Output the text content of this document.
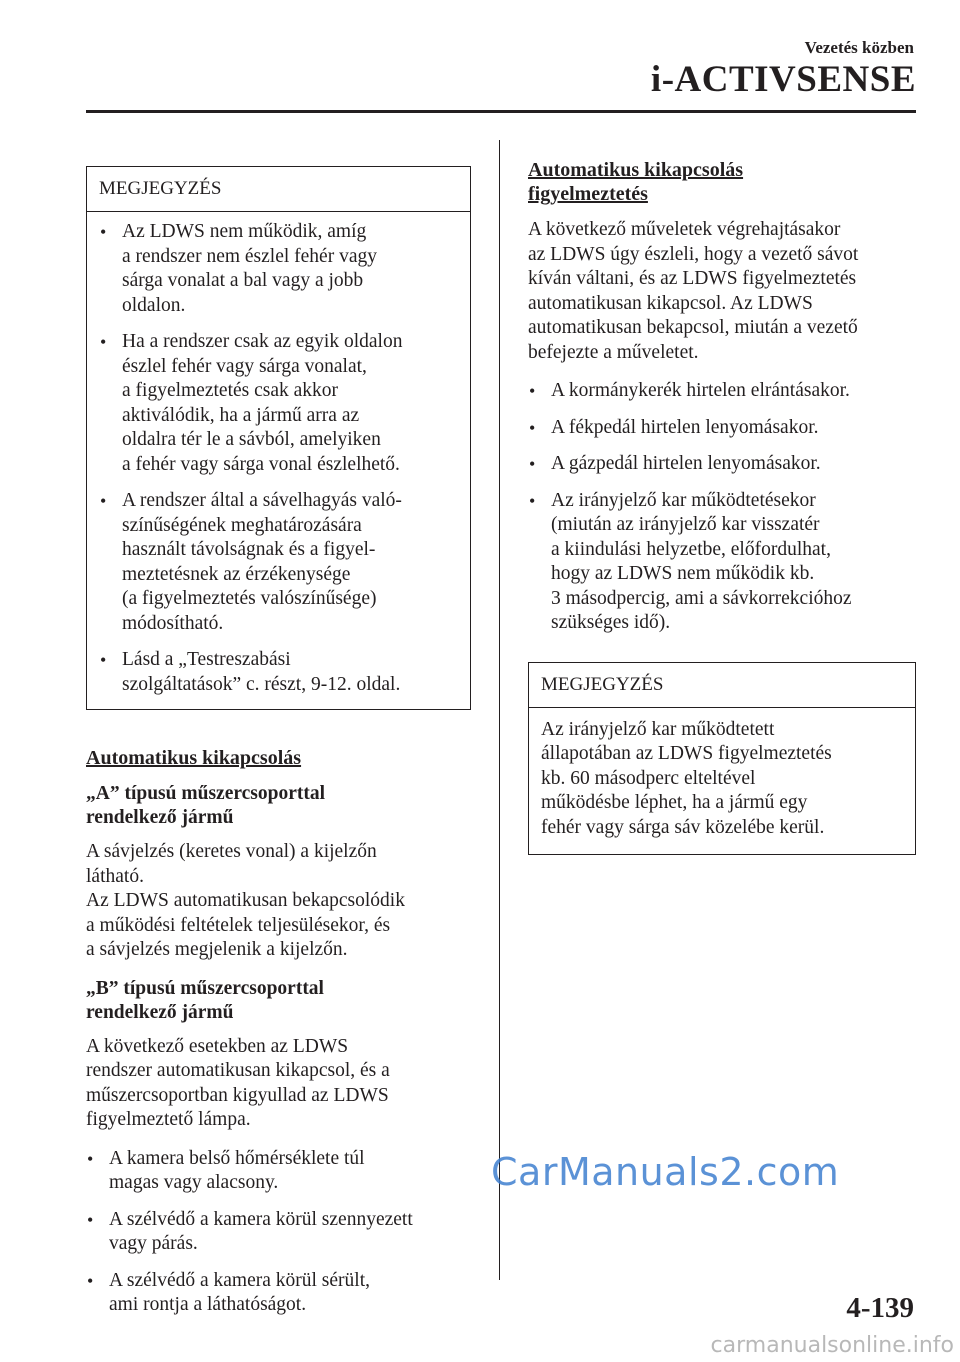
Vezetés közben

i-ACTIVSENSE

MEGJEGYZÉS
• Az LDWS nem működik, amíg
a rendszer nem észlel fehér vagy
sárga vonalat a bal vagy a jobb
oldalon.
• Ha a rendszer csak az egyik oldalon
észlel fehér vagy sárga vonalat,
a figyelmeztetés csak akkor
aktiválódik, ha a jármű arra az
oldalra tér le a sávból, amelyiken
a fehér vagy sárga vonal észlelhető.
• A rendszer által a sávelhagyás való-
színűségének meghatározására
használt távolságnak és a figyel-
meztetésnek az érzékenysége
(a figyelmeztetés valószínűsége)
módosítható.
• Lásd a „Testreszabási
szolgáltatások” c. részt, 9-12. oldal.

Automatikus kikapcsolás

„A” típusú műszercsoporttal
rendelkező jármű

A sávjelzés (keretes vonal) a kijelzőn
látható.
Az LDWS automatikusan bekapcsolódik
a működési feltételek teljesülésekor, és
a sávjelzés megjelenik a kijelzőn.

„B” típusú műszercsoporttal
rendelkező jármű

A következő esetekben az LDWS
rendszer automatikusan kikapcsol, és a
műszercsoportban kigyullad az LDWS
figyelmeztető lámpa.

• A kamera belső hőmérséklete túl
magas vagy alacsony.
• A szélvédő a kamera körül szennyezett
vagy párás.
• A szélvédő a kamera körül sérült,
ami rontja a láthatóságot.

Automatikus kikapcsolás
figyelmeztetés

A következő műveletek végrehajtásakor
az LDWS úgy észleli, hogy a vezető sávot
kíván váltani, és az LDWS figyelmeztetés
automatikusan kikapcsol. Az LDWS
automatikusan bekapcsol, miután a vezető
befejezte a műveletet.

• A kormánykerék hirtelen elrántásakor.
• A fékpedál hirtelen lenyomásakor.
• A gázpedál hirtelen lenyomásakor.
• Az irányjelző kar működtetésekor
(miután az irányjelző kar visszatér
a kiindulási helyzetbe, előfordulhat,
hogy az LDWS nem működik kb.
3 másodpercig, ami a sávkorrekcióhoz
szükséges idő).
MEGJEGYZÉS
Az irányjelző kar működtetett
állapotában az LDWS figyelmeztetés
kb. 60 másodperc elteltével
működésbe léphet, ha a jármű egy
fehér vagy sárga sáv közelébe kerül.
CarManuals2.com

4-139

carmanualsonline.info
